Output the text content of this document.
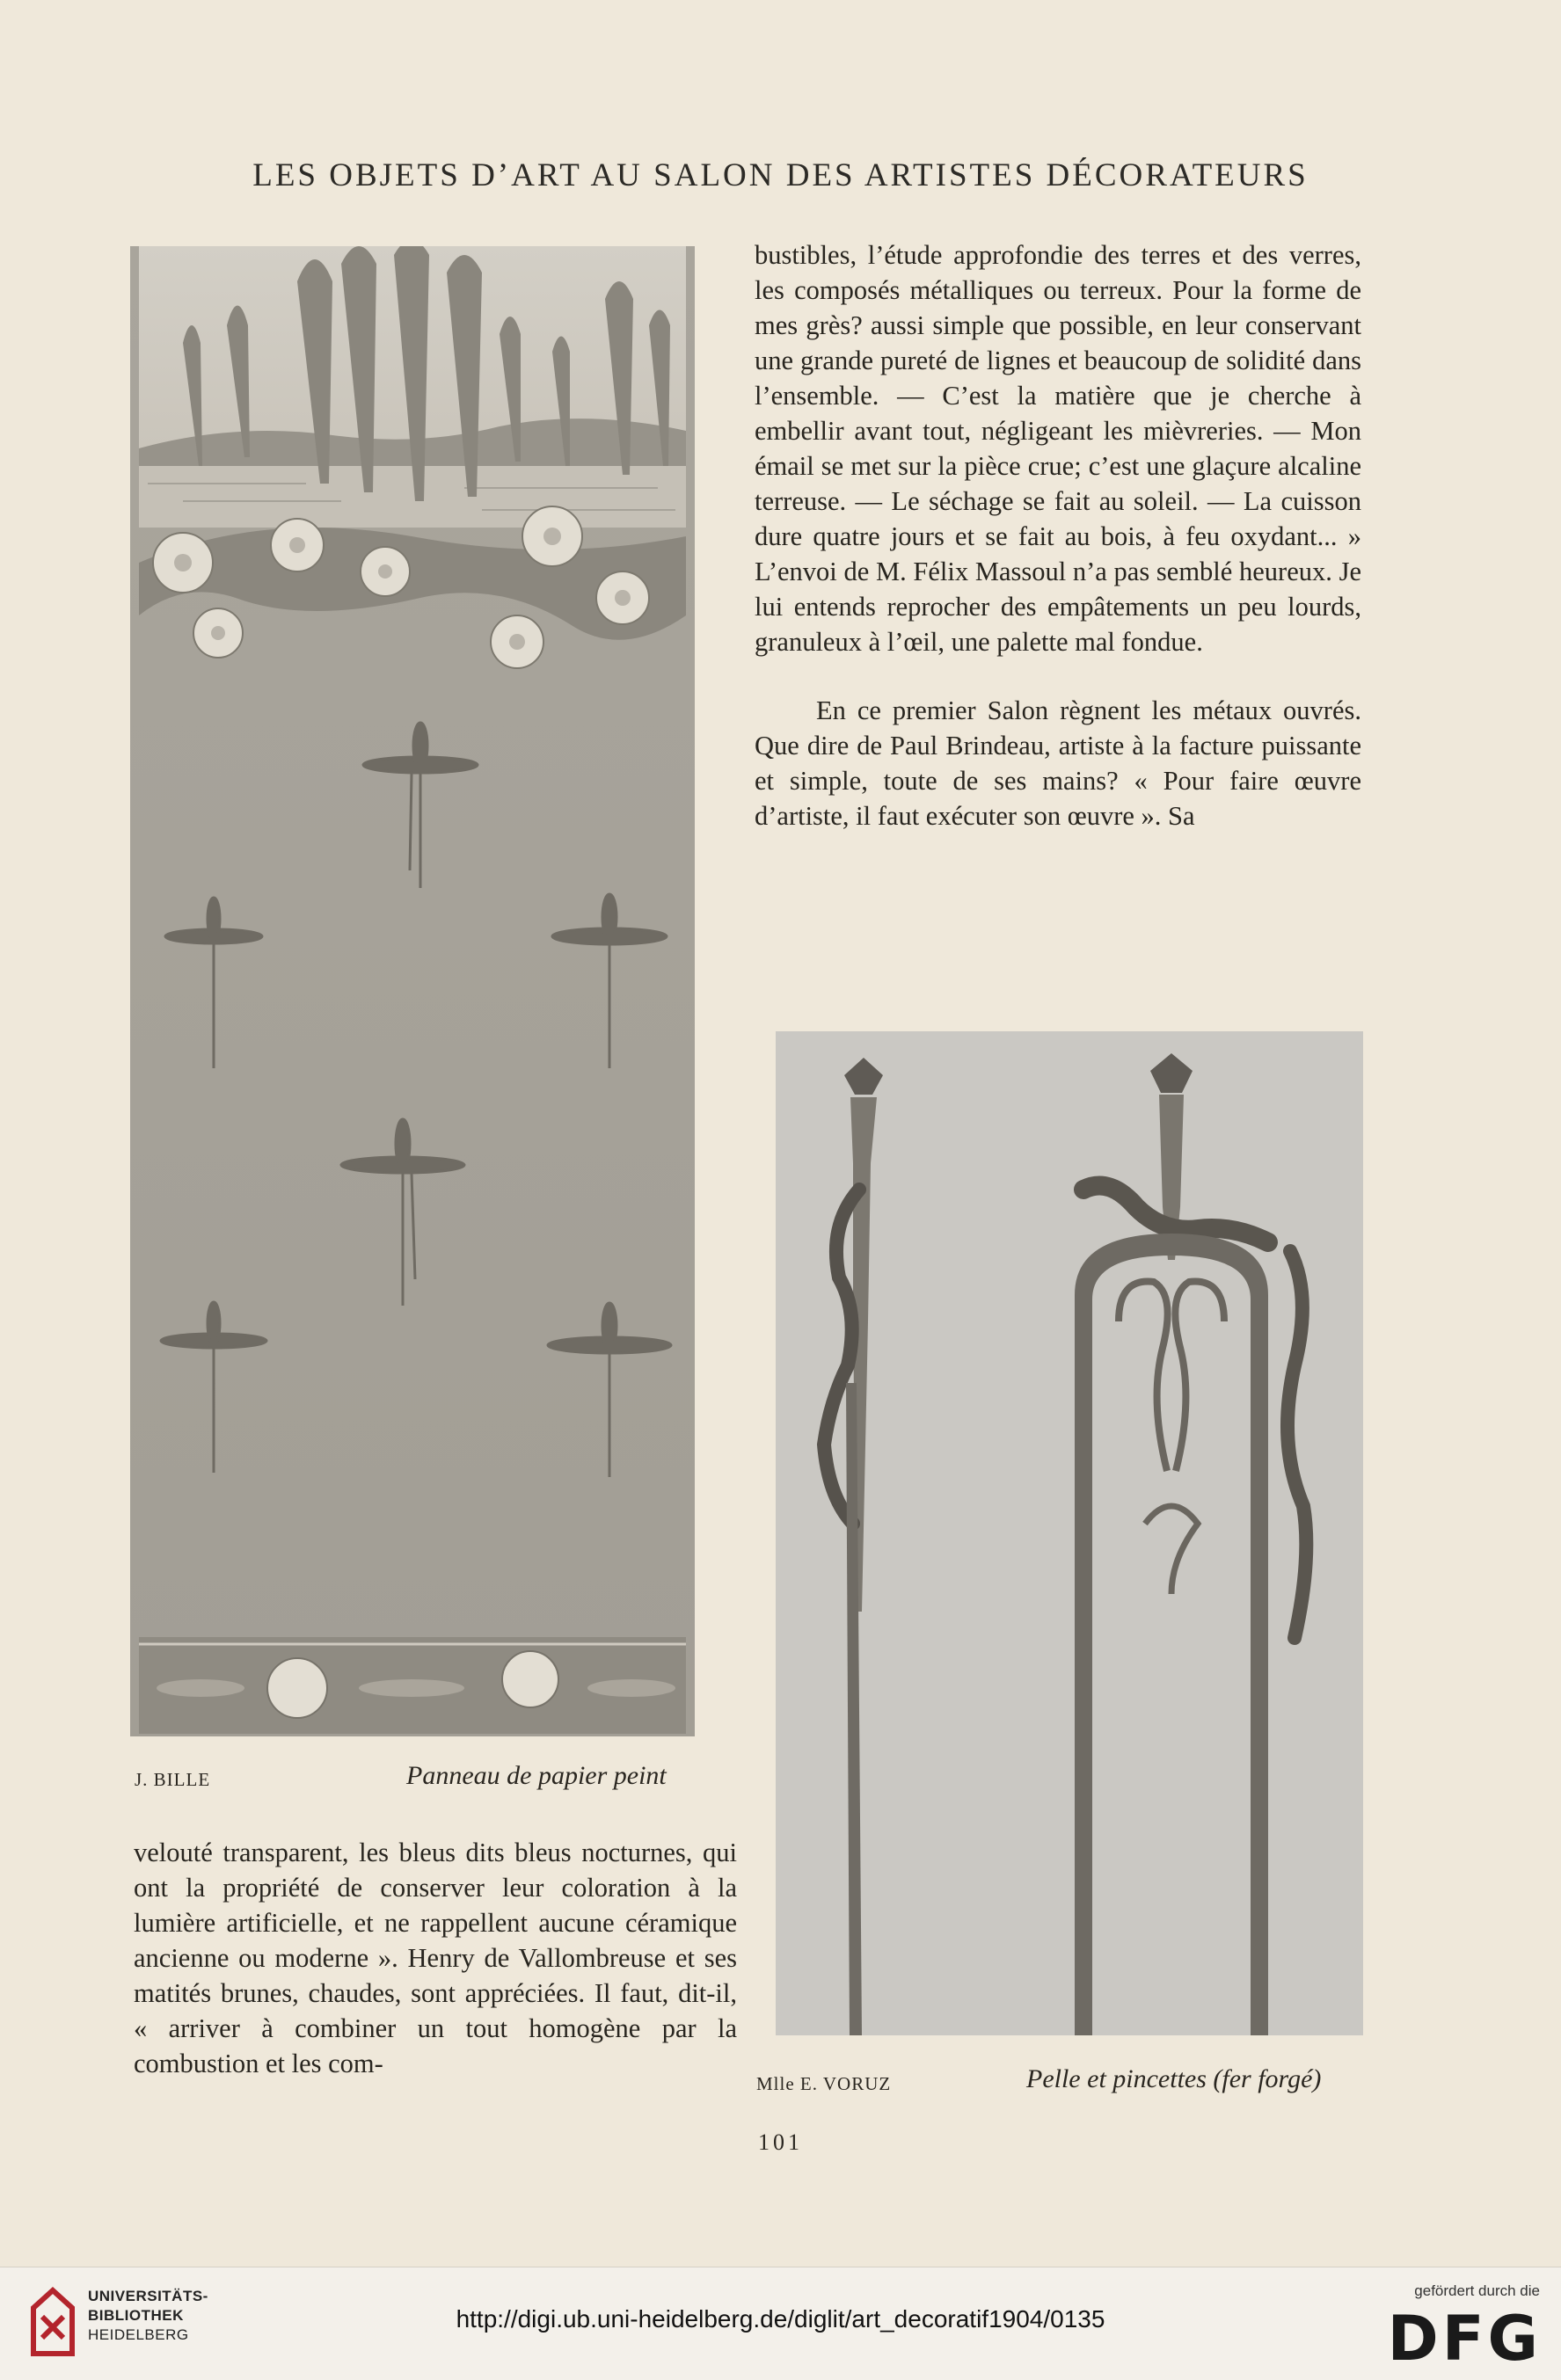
LES OBJETS D’ART AU SALON DES ARTISTES DÉCORATEURS

bustibles, l’étude approfondie des terres et des verres, les composés métalliques ou terreux. Pour la forme de mes grès? aussi simple que possible, en leur conservant une grande pureté de lignes et beaucoup de solidité dans l’ensemble. — C’est la matière que je cherche à embellir avant tout, négligeant les mièvreries. — Mon émail se met sur la pièce crue; c’est une glaçure alcaline terreuse. — Le séchage se fait au soleil. — La cuisson dure quatre jours et se fait au bois, à feu oxydant... » L’envoi de M. Félix Massoul n’a pas semblé heureux. Je lui entends reprocher des empâtements un peu lourds, granuleux à l’œil, une palette mal fondue.

En ce premier Salon règnent les métaux ouvrés. Que dire de Paul Brindeau, artiste à la facture puissante et simple, toute de ses mains? « Pour faire œuvre d’artiste, il faut exécuter son œuvre ». Sa

J. BILLE	Panneau de papier peint

velouté transparent, les bleus dits bleus nocturnes, qui ont la propriété de conserver leur coloration à la lumière artificielle, et ne rappellent aucune céramique ancienne ou moderne ». Henry de Vallombreuse et ses matités brunes, chaudes, sont appréciées. Il faut, dit-il, « arriver à combiner un tout homogène par la combustion et les com-

Mlle E. VORUZ	Pelle et pincettes (fer forgé)
101
UNIVERSITÄTS-
BIBLIOTHEK
HEIDELBERG
http://digi.ub.uni-heidelberg.de/diglit/art_decoratif1904/0135
gefördert durch die
DFG
